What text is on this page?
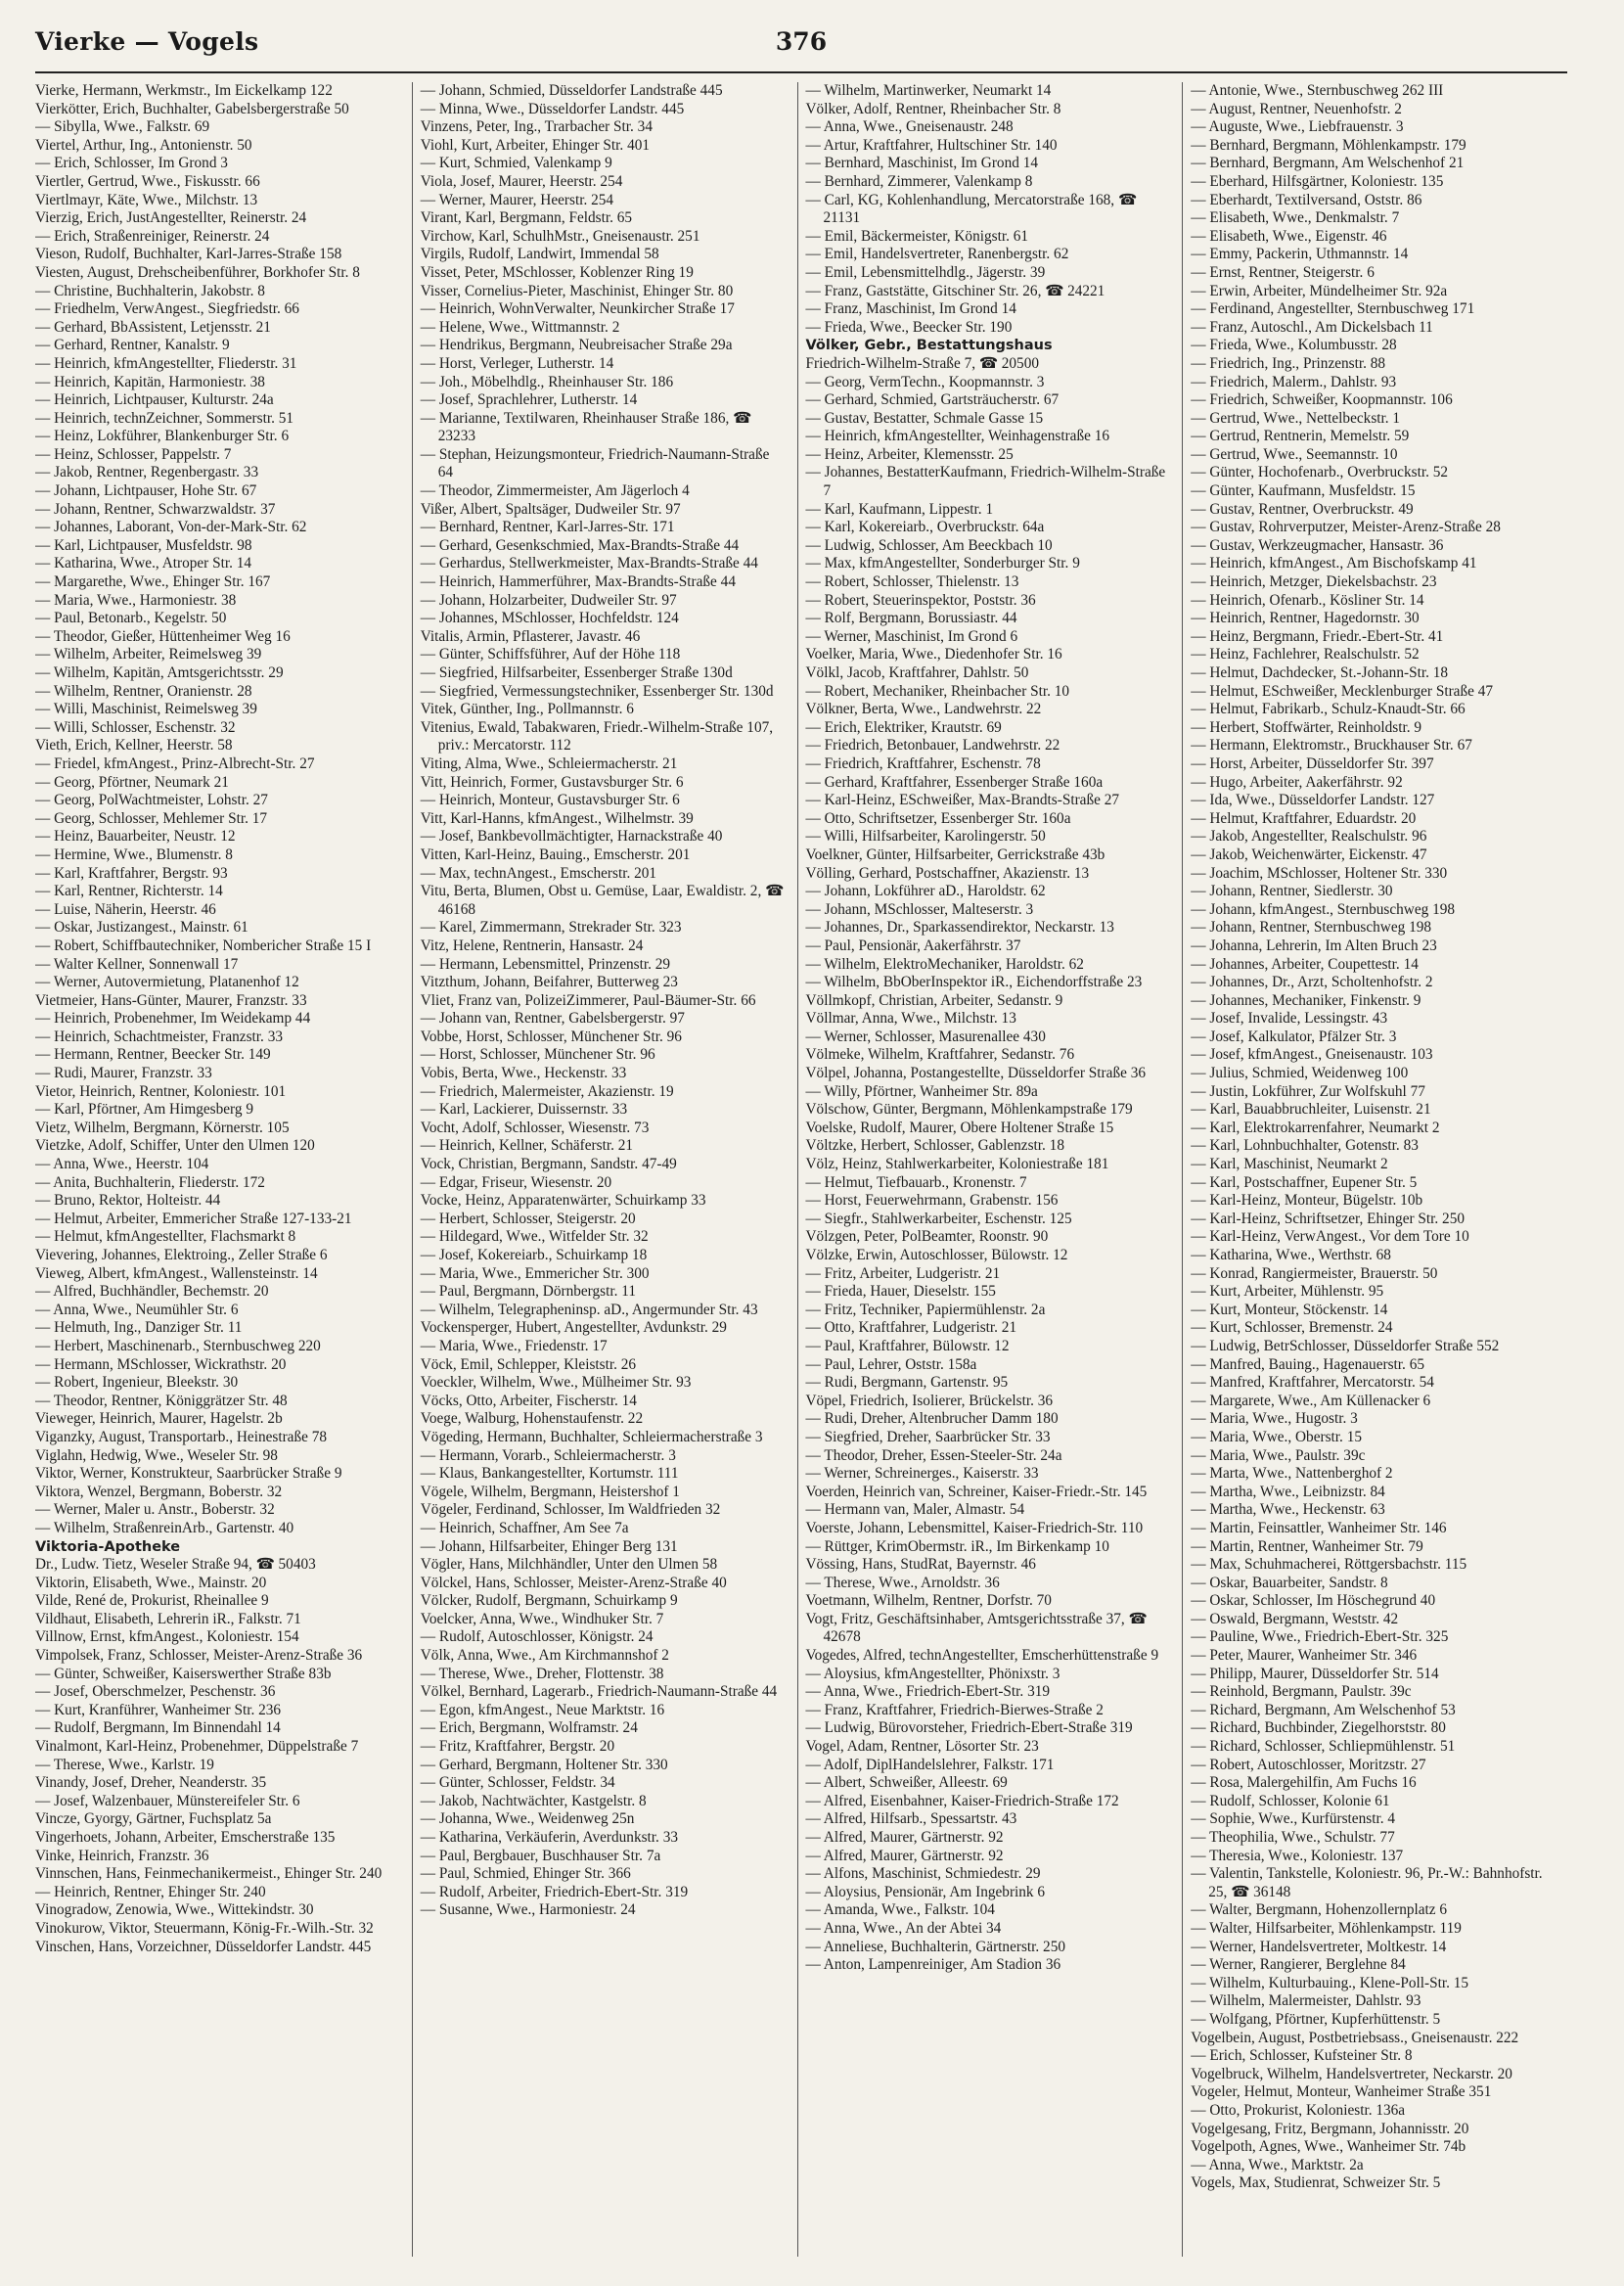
Vierke — Vogels	376
Vierke, Hermann, Werkmstr., Im Eickelkamp 122
Vierkötter, Erich, Buchhalter, Gabelsbergerstraße 50
— Sibylla, Wwe., Falkstr. 69
Viertel, Arthur, Ing., Antonienstr. 50
— Erich, Schlosser, Im Grond 3
Viertler, Gertrud, Wwe., Fiskusstr. 66
Viertlmayr, Käte, Wwe., Milchstr. 13
Vierzig, Erich, JustAngestellter, Reinerstr. 24
— Erich, Straßenreiniger, Reinerstr. 24
Vieson, Rudolf, Buchhalter, Karl-Jarres-Straße 158
Viesten, August, Drehscheibenführer, Borkhofer Str. 8
— Christine, Buchhalterin, Jakobstr. 8
— Friedhelm, VerwAngest., Siegfriedstr. 66
— Gerhard, BbAssistent, Letjensstr. 21
— Gerhard, Rentner, Kanalstr. 9
— Heinrich, kfmAngestellter, Fliederstr. 31
— Heinrich, Kapitän, Harmoniestr. 38
— Heinrich, Lichtpauser, Kulturstr. 24a
— Heinrich, technZeichner, Sommerstr. 51
— Heinz, Lokführer, Blankenburger Str. 6
— Heinz, Schlosser, Pappelstr. 7
— Jakob, Rentner, Regenbergastr. 33
— Johann, Lichtpauser, Hohe Str. 67
— Johann, Rentner, Schwarzwaldstr. 37
— Johannes, Laborant, Von-der-Mark-Str. 62
— Karl, Lichtpauser, Musfeldstr. 98
— Katharina, Wwe., Atroper Str. 14
— Margarethe, Wwe., Ehinger Str. 167
— Maria, Wwe., Harmoniestr. 38
— Paul, Betonarb., Kegelstr. 50
— Theodor, Gießer, Hüttenheimer Weg 16
— Wilhelm, Arbeiter, Reimelsweg 39
— Wilhelm, Kapitän, Amtsgerichtsstr. 29
— Wilhelm, Rentner, Oranienstr. 28
— Willi, Maschinist, Reimelsweg 39
— Willi, Schlosser, Eschenstr. 32
Vieth, Erich, Kellner, Heerstr. 58
— Friedel, kfmAngest., Prinz-Albrecht-Str. 27
— Georg, Pförtner, Neumark 21
— Georg, PolWachtmeister, Lohstr. 27
— Georg, Schlosser, Mehlemer Str. 17
— Heinz, Bauarbeiter, Neustr. 12
— Hermine, Wwe., Blumenstr. 8
— Karl, Kraftfahrer, Bergstr. 93
— Karl, Rentner, Richterstr. 14
— Luise, Näherin, Heerstr. 46
— Oskar, Justizangest., Mainstr. 61
— Robert, Schiffbautechniker, Nombericher Straße 15 I
— Walter Kellner, Sonnenwall 17
— Werner, Autovermietung, Platanenhof 12
Vietmeier, Hans-Günter, Maurer, Franzstr. 33
— Heinrich, Probenehmer, Im Weidekamp 44
— Heinrich, Schachtmeister, Franzstr. 33
— Hermann, Rentner, Beecker Str. 149
— Rudi, Maurer, Franzstr. 33
Vietor, Heinrich, Rentner, Koloniestr. 101
— Karl, Pförtner, Am Himgesberg 9
Vietz, Wilhelm, Bergmann, Körnerstr. 105
Vietzke, Adolf, Schiffer, Unter den Ulmen 120
— Anna, Wwe., Heerstr. 104
— Anita, Buchhalterin, Fliederstr. 172
— Bruno, Rektor, Holteistr. 44
— Helmut, Arbeiter, Emmericher Straße 127-133-21
— Helmut, kfmAngestellter, Flachsmarkt 8
Vievering, Johannes, Elektroing., Zeller Straße 6
Vieweg, Albert, kfmAngest., Wallensteinstr. 14
— Alfred, Buchhändler, Bechemstr. 20
— Anna, Wwe., Neumühler Str. 6
— Helmuth, Ing., Danziger Str. 11
— Herbert, Maschinenarb., Sternbuschweg 220
— Hermann, MSchlosser, Wickrathstr. 20
— Robert, Ingenieur, Bleekstr. 30
— Theodor, Rentner, Königgrätzer Str. 48
Vieweger, Heinrich, Maurer, Hagelstr. 2b
Viganzky, August, Transportarb., Heinestraße 78
Viglahn, Hedwig, Wwe., Weseler Str. 98
Viktor, Werner, Konstrukteur, Saarbrücker Straße 9
Viktora, Wenzel, Bergmann, Boberstr. 32
— Werner, Maler u. Anstr., Boberstr. 32
— Wilhelm, StraßenreinArb., Gartenstr. 40
Viktoria-Apotheke
Dr., Ludw. Tietz, Weseler Straße 94, ☎ 50403
Viktorin, Elisabeth, Wwe., Mainstr. 20
Vilde, René de, Prokurist, Rheinallee 9
Vildhaut, Elisabeth, Lehrerin iR., Falkstr. 71
Villnow, Ernst, kfmAngest., Koloniestr. 154
Vimpolsek, Franz, Schlosser, Meister-Arenz-Straße 36
— Günter, Schweißer, Kaiserswerther Straße 83b
— Josef, Oberschmelzer, Peschenstr. 36
— Kurt, Kranführer, Wanheimer Str. 236
— Rudolf, Bergmann, Im Binnendahl 14
Vinalmont, Karl-Heinz, Probenehmer, Düppelstraße 7
— Therese, Wwe., Karlstr. 19
Vinandy, Josef, Dreher, Neanderstr. 35
— Josef, Walzenbauer, Münstereifeler Str. 6
Vincze, Gyorgy, Gärtner, Fuchsplatz 5a
Vingerhoets, Johann, Arbeiter, Emscherstraße 135
Vinke, Heinrich, Franzstr. 36
Vinnschen, Hans, Feinmechanikermeist., Ehinger Str. 240
— Heinrich, Rentner, Ehinger Str. 240
Vinogradow, Zenowia, Wwe., Wittekindstr. 30
Vinokurow, Viktor, Steuermann, König-Fr.-Wilh.-Str. 32
Vinschen, Hans, Vorzeichner, Düsseldorfer Landstr. 445
— Johann, Schmied, Düsseldorfer Landstraße 445
— Minna, Wwe., Düsseldorfer Landstr. 445
Vinzens, Peter, Ing., Trarbacher Str. 34
Viohl, Kurt, Arbeiter, Ehinger Str. 401
— Kurt, Schmied, Valenkamp 9
Viola, Josef, Maurer, Heerstr. 254
— Werner, Maurer, Heerstr. 254
Virant, Karl, Bergmann, Feldstr. 65
Virchow, Karl, SchulhMstr., Gneisenaustr. 251
Virgils, Rudolf, Landwirt, Immendal 58
Visset, Peter, MSchlosser, Koblenzer Ring 19
Visser, Cornelius-Pieter, Maschinist, Ehinger Str. 80
— Heinrich, WohnVerwalter, Neunkircher Straße 17
— Helene, Wwe., Wittmannstr. 2
— Hendrikus, Bergmann, Neubreisacher Straße 29a
— Horst, Verleger, Lutherstr. 14
— Joh., Möbelhdlg., Rheinhauser Str. 186
— Josef, Sprachlehrer, Lutherstr. 14
— Marianne, Textilwaren, Rheinhauser Straße 186, ☎ 23233
— Stephan, Heizungsmonteur, Friedrich-Naumann-Straße 64
— Theodor, Zimmermeister, Am Jägerloch 4
Vißer, Albert, Spaltsäger, Dudweiler Str. 97
— Bernhard, Rentner, Karl-Jarres-Str. 171
— Gerhard, Gesenkschmied, Max-Brandts-Straße 44
— Gerhardus, Stellwerkmeister, Max-Brandts-Straße 44
— Heinrich, Hammerführer, Max-Brandts-Straße 44
— Johann, Holzarbeiter, Dudweiler Str. 97
— Johannes, MSchlosser, Hochfeldstr. 124
Vitalis, Armin, Pflasterer, Javastr. 46
— Günter, Schiffsführer, Auf der Höhe 118
— Siegfried, Hilfsarbeiter, Essenberger Straße 130d
— Siegfried, Vermessungstechniker, Essenberger Str. 130d
Vitek, Günther, Ing., Pollmannstr. 6
Vitenius, Ewald, Tabakwaren, Friedr.-Wilhelm-Straße 107, priv.: Mercatorstr. 112
Viting, Alma, Wwe., Schleiermacherstr. 21
Vitt, Heinrich, Former, Gustavsburger Str. 6
— Heinrich, Monteur, Gustavsburger Str. 6
Vitt, Karl-Hanns, kfmAngest., Wilhelmstr. 39
— Josef, Bankbevollmächtigter, Harnackstraße 40
Vitten, Karl-Heinz, Bauing., Emscherstr. 201
— Max, technAngest., Emscherstr. 201
Vitu, Berta, Blumen, Obst u. Gemüse, Laar, Ewaldistr. 2, ☎ 46168
— Karel, Zimmermann, Strekrader Str. 323
Vitz, Helene, Rentnerin, Hansastr. 24
— Hermann, Lebensmittel, Prinzenstr. 29
Vitzthum, Johann, Beifahrer, Butterweg 23
Vliet, Franz van, PolizeiZimmerer, Paul-Bäumer-Str. 66
— Johann van, Rentner, Gabelsbergerstr. 97
Vobbe, Horst, Schlosser, Münchener Str. 96
— Horst, Schlosser, Münchener Str. 96
Vobis, Berta, Wwe., Heckenstr. 33
— Friedrich, Malermeister, Akazienstr. 19
— Karl, Lackierer, Duissernstr. 33
Vocht, Adolf, Schlosser, Wiesenstr. 73
— Heinrich, Kellner, Schäferstr. 21
Vock, Christian, Bergmann, Sandstr. 47-49
— Edgar, Friseur, Wiesenstr. 20
Vocke, Heinz, Apparatenwärter, Schuirkamp 33
— Herbert, Schlosser, Steigerstr. 20
— Hildegard, Wwe., Witfelder Str. 32
— Josef, Kokereiarb., Schuirkamp 18
— Maria, Wwe., Emmericher Str. 300
— Paul, Bergmann, Dörnbergstr. 11
— Wilhelm, Telegrapheninsp. aD., Angermunder Str. 43
Vockensperger, Hubert, Angestellter, Avdunkstr. 29
— Maria, Wwe., Friedenstr. 17
Vöck, Emil, Schlepper, Kleiststr. 26
Voeckler, Wilhelm, Wwe., Mülheimer Str. 93
Vöcks, Otto, Arbeiter, Fischerstr. 14
Voege, Walburg, Hohenstaufenstr. 22
Vögeding, Hermann, Buchhalter, Schleiermacherstraße 3
— Hermann, Vorarb., Schleiermacherstr. 3
— Klaus, Bankangestellter, Kortumstr. 111
Vögele, Wilhelm, Bergmann, Heistershof 1
Vögeler, Ferdinand, Schlosser, Im Waldfrieden 32
— Heinrich, Schaffner, Am See 7a
— Johann, Hilfsarbeiter, Ehinger Berg 131
Vögler, Hans, Milchhändler, Unter den Ulmen 58
Völckel, Hans, Schlosser, Meister-Arenz-Straße 40
Völcker, Rudolf, Bergmann, Schuirkamp 9
Voelcker, Anna, Wwe., Windhuker Str. 7
— Rudolf, Autoschlosser, Königstr. 24
Völk, Anna, Wwe., Am Kirchmannshof 2
— Therese, Wwe., Dreher, Flottenstr. 38
Völkel, Bernhard, Lagerarb., Friedrich-Naumann-Straße 44
— Egon, kfmAngest., Neue Marktstr. 16
— Erich, Bergmann, Wolframstr. 24
— Fritz, Kraftfahrer, Bergstr. 20
— Gerhard, Bergmann, Holtener Str. 330
— Günter, Schlosser, Feldstr. 34
— Jakob, Nachtwächter, Kastgelstr. 8
— Johanna, Wwe., Weidenweg 25n
— Katharina, Verkäuferin, Averdunkstr. 33
— Paul, Bergbauer, Buschhauser Str. 7a
— Paul, Schmied, Ehinger Str. 366
— Rudolf, Arbeiter, Friedrich-Ebert-Str. 319
— Susanne, Wwe., Harmoniestr. 24
— Wilhelm, Martinwerker, Neumarkt 14
Völker, Adolf, Rentner, Rheinbacher Str. 8
— Anna, Wwe., Gneisenaustr. 248
— Artur, Kraftfahrer, Hultschiner Str. 140
— Bernhard, Maschinist, Im Grond 14
— Bernhard, Zimmerer, Valenkamp 8
— Carl, KG, Kohlenhandlung, Mercatorstraße 168, ☎ 21131
— Emil, Bäckermeister, Königstr. 61
— Emil, Handelsvertreter, Ranenbergstr. 62
— Emil, Lebensmittelhdlg., Jägerstr. 39
— Franz, Gaststätte, Gitschiner Str. 26, ☎ 24221
— Franz, Maschinist, Im Grond 14
— Frieda, Wwe., Beecker Str. 190
Völker, Gebr., Bestattungshaus
Friedrich-Wilhelm-Straße 7, ☎ 20500
— Georg, VermTechn., Koopmannstr. 3
— Gerhard, Schmied, Gartsträucherstr. 67
— Gustav, Bestatter, Schmale Gasse 15
— Heinrich, kfmAngestellter, Weinhagenstraße 16
— Heinz, Arbeiter, Klemensstr. 25
— Johannes, BestatterKaufmann, Friedrich-Wilhelm-Straße 7
— Karl, Kaufmann, Lippestr. 1
— Karl, Kokereiarb., Overbruckstr. 64a
— Ludwig, Schlosser, Am Beeckbach 10
— Max, kfmAngestellter, Sonderburger Str. 9
— Robert, Schlosser, Thielenstr. 13
— Robert, Steuerinspektor, Poststr. 36
— Rolf, Bergmann, Borussiastr. 44
— Werner, Maschinist, Im Grond 6
Voelker, Maria, Wwe., Diedenhofer Str. 16
Völkl, Jacob, Kraftfahrer, Dahlstr. 50
— Robert, Mechaniker, Rheinbacher Str. 10
Völkner, Berta, Wwe., Landwehrstr. 22
— Erich, Elektriker, Krautstr. 69
— Friedrich, Betonbauer, Landwehrstr. 22
— Friedrich, Kraftfahrer, Eschenstr. 78
— Gerhard, Kraftfahrer, Essenberger Straße 160a
— Karl-Heinz, ESchweißer, Max-Brandts-Straße 27
— Otto, Schriftsetzer, Essenberger Str. 160a
— Willi, Hilfsarbeiter, Karolingerstr. 50
Voelkner, Günter, Hilfsarbeiter, Gerrickstraße 43b
Völling, Gerhard, Postschaffner, Akazienstr. 13
— Johann, Lokführer aD., Haroldstr. 62
— Johann, MSchlosser, Malteserstr. 3
— Johannes, Dr., Sparkassendirektor, Neckarstr. 13
— Paul, Pensionär, Aakerfährstr. 37
— Wilhelm, ElektroMechaniker, Haroldstr. 62
— Wilhelm, BbOberInspektor iR., Eichendorffstraße 23
Völlmkopf, Christian, Arbeiter, Sedanstr. 9
Völlmar, Anna, Wwe., Milchstr. 13
— Werner, Schlosser, Masurenallee 430
Völmeke, Wilhelm, Kraftfahrer, Sedanstr. 76
Völpel, Johanna, Postangestellte, Düsseldorfer Straße 36
— Willy, Pförtner, Wanheimer Str. 89a
Völschow, Günter, Bergmann, Möhlenkampstraße 179
Voelske, Rudolf, Maurer, Obere Holtener Straße 15
Völtzke, Herbert, Schlosser, Gablenzstr. 18
Völz, Heinz, Stahlwerkarbeiter, Koloniestraße 181
— Helmut, Tiefbauarb., Kronenstr. 7
— Horst, Feuerwehrmann, Grabenstr. 156
— Siegfr., Stahlwerkarbeiter, Eschenstr. 125
Völzgen, Peter, PolBeamter, Roonstr. 90
Völzke, Erwin, Autoschlosser, Bülowstr. 12
— Fritz, Arbeiter, Ludgeristr. 21
— Frieda, Hauer, Dieselstr. 155
— Fritz, Techniker, Papiermühlenstr. 2a
— Otto, Kraftfahrer, Ludgeristr. 21
— Paul, Kraftfahrer, Bülowstr. 12
— Paul, Lehrer, Oststr. 158a
— Rudi, Bergmann, Gartenstr. 95
Vöpel, Friedrich, Isolierer, Brückelstr. 36
— Rudi, Dreher, Altenbrucher Damm 180
— Siegfried, Dreher, Saarbrücker Str. 33
— Theodor, Dreher, Essen-Steeler-Str. 24a
— Werner, Schreinerges., Kaiserstr. 33
Voerden, Heinrich van, Schreiner, Kaiser-Friedr.-Str. 145
— Hermann van, Maler, Almastr. 54
Voerste, Johann, Lebensmittel, Kaiser-Friedrich-Str. 110
— Rüttger, KrimObermstr. iR., Im Birkenkamp 10
Vössing, Hans, StudRat, Bayernstr. 46
— Therese, Wwe., Arnoldstr. 36
Voetmann, Wilhelm, Rentner, Dorfstr. 70
Vogt, Fritz, Geschäftsinhaber, Amtsgerichtsstraße 37, ☎ 42678
Vogedes, Alfred, technAngestellter, Emscherhüttenstraße 9
— Aloysius, kfmAngestellter, Phönixstr. 3
— Anna, Wwe., Friedrich-Ebert-Str. 319
— Franz, Kraftfahrer, Friedrich-Bierwes-Straße 2
— Ludwig, Bürovorsteher, Friedrich-Ebert-Straße 319
Vogel, Adam, Rentner, Lösorter Str. 23
— Adolf, DiplHandelslehrer, Falkstr. 171
— Albert, Schweißer, Alleestr. 69
— Alfred, Eisenbahner, Kaiser-Friedrich-Straße 172
— Alfred, Hilfsarb., Spessartstr. 43
— Alfred, Maurer, Gärtnerstr. 92
— Alfred, Maurer, Gärtnerstr. 92
— Alfons, Maschinist, Schmiedestr. 29
— Aloysius, Pensionär, Am Ingebrink 6
— Amanda, Wwe., Falkstr. 104
— Anna, Wwe., An der Abtei 34
— Anneliese, Buchhalterin, Gärtnerstr. 250
— Anton, Lampenreiniger, Am Stadion 36
— Antonie, Wwe., Sternbuschweg 262 III
— August, Rentner, Neuenhofstr. 2
— Auguste, Wwe., Liebfrauenstr. 3
— Bernhard, Bergmann, Möhlenkampstr. 179
— Bernhard, Bergmann, Am Welschenhof 21
— Eberhard, Hilfsgärtner, Koloniestr. 135
— Eberhardt, Textilversand, Oststr. 86
— Elisabeth, Wwe., Denkmalstr. 7
— Elisabeth, Wwe., Eigenstr. 46
— Emmy, Packerin, Uthmannstr. 14
— Ernst, Rentner, Steigerstr. 6
— Erwin, Arbeiter, Mündelheimer Str. 92a
— Ferdinand, Angestellter, Sternbuschweg 171
— Franz, Autoschl., Am Dickelsbach 11
— Frieda, Wwe., Kolumbusstr. 28
— Friedrich, Ing., Prinzenstr. 88
— Friedrich, Malerm., Dahlstr. 93
— Friedrich, Schweißer, Koopmannstr. 106
— Gertrud, Wwe., Nettelbeckstr. 1
— Gertrud, Rentnerin, Memelstr. 59
— Gertrud, Wwe., Seemannstr. 10
— Günter, Hochofenarb., Overbruckstr. 52
— Günter, Kaufmann, Musfeldstr. 15
— Gustav, Rentner, Overbruckstr. 49
— Gustav, Rohrverputzer, Meister-Arenz-Straße 28
— Gustav, Werkzeugmacher, Hansastr. 36
— Heinrich, kfmAngest., Am Bischofskamp 41
— Heinrich, Metzger, Diekelsbachstr. 23
— Heinrich, Ofenarb., Kösliner Str. 14
— Heinrich, Rentner, Hagedornstr. 30
— Heinz, Bergmann, Friedr.-Ebert-Str. 41
— Heinz, Fachlehrer, Realschulstr. 52
— Helmut, Dachdecker, St.-Johann-Str. 18
— Helmut, ESchweißer, Mecklenburger Straße 47
— Helmut, Fabrikarb., Schulz-Knaudt-Str. 66
— Herbert, Stoffwärter, Reinholdstr. 9
— Hermann, Elektromstr., Bruckhauser Str. 67
— Horst, Arbeiter, Düsseldorfer Str. 397
— Hugo, Arbeiter, Aakerfährstr. 92
— Ida, Wwe., Düsseldorfer Landstr. 127
— Helmut, Kraftfahrer, Eduardstr. 20
— Jakob, Angestellter, Realschulstr. 96
— Jakob, Weichenwärter, Eickenstr. 47
— Joachim, MSchlosser, Holtener Str. 330
— Johann, Rentner, Siedlerstr. 30
— Johann, kfmAngest., Sternbuschweg 198
— Johann, Rentner, Sternbuschweg 198
— Johanna, Lehrerin, Im Alten Bruch 23
— Johannes, Arbeiter, Coupettestr. 14
— Johannes, Dr., Arzt, Scholtenhofstr. 2
— Johannes, Mechaniker, Finkenstr. 9
— Josef, Invalide, Lessingstr. 43
— Josef, Kalkulator, Pfälzer Str. 3
— Josef, kfmAngest., Gneisenaustr. 103
— Julius, Schmied, Weidenweg 100
— Justin, Lokführer, Zur Wolfskuhl 77
— Karl, Bauabbruchleiter, Luisenstr. 21
— Karl, Elektrokarrenfahrer, Neumarkt 2
— Karl, Lohnbuchhalter, Gotenstr. 83
— Karl, Maschinist, Neumarkt 2
— Karl, Postschaffner, Eupener Str. 5
— Karl-Heinz, Monteur, Bügelstr. 10b
— Karl-Heinz, Schriftsetzer, Ehinger Str. 250
— Karl-Heinz, VerwAngest., Vor dem Tore 10
— Katharina, Wwe., Werthstr. 68
— Konrad, Rangiermeister, Brauerstr. 50
— Kurt, Arbeiter, Mühlenstr. 95
— Kurt, Monteur, Stöckenstr. 14
— Kurt, Schlosser, Bremenstr. 24
— Ludwig, BetrSchlosser, Düsseldorfer Straße 552
— Manfred, Bauing., Hagenauerstr. 65
— Manfred, Kraftfahrer, Mercatorstr. 54
— Margarete, Wwe., Am Küllenacker 6
— Maria, Wwe., Hugostr. 3
— Maria, Wwe., Oberstr. 15
— Maria, Wwe., Paulstr. 39c
— Marta, Wwe., Nattenberghof 2
— Martha, Wwe., Leibnizstr. 84
— Martha, Wwe., Heckenstr. 63
— Martin, Feinsattler, Wanheimer Str. 146
— Martin, Rentner, Wanheimer Str. 79
— Max, Schuhmacherei, Röttgersbachstr. 115
— Oskar, Bauarbeiter, Sandstr. 8
— Oskar, Schlosser, Im Höschegrund 40
— Oswald, Bergmann, Weststr. 42
— Pauline, Wwe., Friedrich-Ebert-Str. 325
— Peter, Maurer, Wanheimer Str. 346
— Philipp, Maurer, Düsseldorfer Str. 514
— Reinhold, Bergmann, Paulstr. 39c
— Richard, Bergmann, Am Welschenhof 53
— Richard, Buchbinder, Ziegelhorststr. 80
— Richard, Schlosser, Schliepmühlenstr. 51
— Robert, Autoschlosser, Moritzstr. 27
— Rosa, Malergehilfin, Am Fuchs 16
— Rudolf, Schlosser, Kolonie 61
— Sophie, Wwe., Kurfürstenstr. 4
— Theophilia, Wwe., Schulstr. 77
— Theresia, Wwe., Koloniestr. 137
— Valentin, Tankstelle, Koloniestr. 96, Pr.-W.: Bahnhofstr. 25, ☎ 36148
— Walter, Bergmann, Hohenzollernplatz 6
— Walter, Hilfsarbeiter, Möhlenkampstr. 119
— Werner, Handelsvertreter, Moltkestr. 14
— Werner, Rangierer, Berglehne 84
— Wilhelm, Kulturbauing., Klene-Poll-Str. 15
— Wilhelm, Malermeister, Dahlstr. 93
— Wolfgang, Pförtner, Kupferhüttenstr. 5
Vogelbein, August, Postbetriebsass., Gneisenaustr. 222
— Erich, Schlosser, Kufsteiner Str. 8
Vogelbruck, Wilhelm, Handelsvertreter, Neckarstr. 20
Vogeler, Helmut, Monteur, Wanheimer Straße 351
— Otto, Prokurist, Koloniestr. 136a
Vogelgesang, Fritz, Bergmann, Johannisstr. 20
Vogelpoth, Agnes, Wwe., Wanheimer Str. 74b
— Anna, Wwe., Marktstr. 2a
Vogels, Max, Studienrat, Schweizer Str. 5
